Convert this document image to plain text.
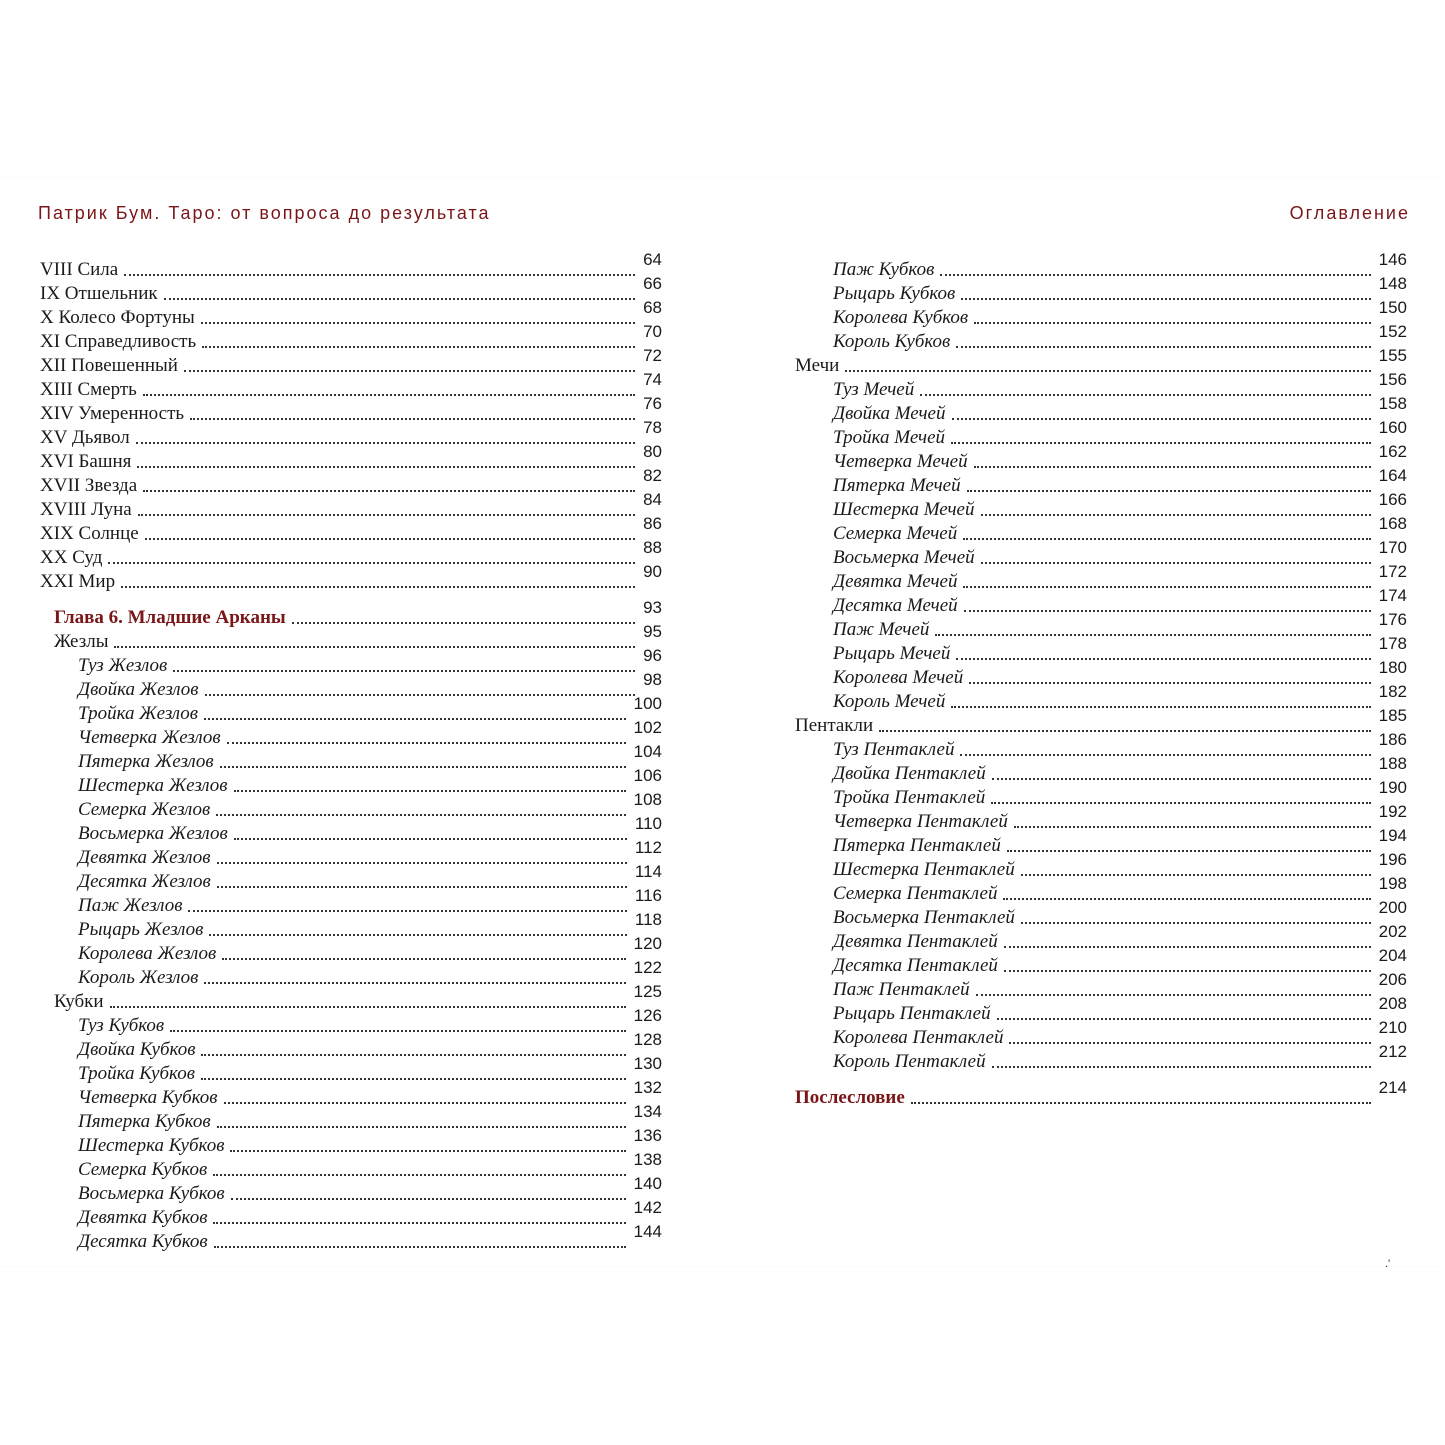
Патрик Бум. Таро: от вопроса до результата	Оглавление
VIII Сила	64
IX Отшельник	66
X Колесо Фортуны	68
XI Справедливость	70
XII Повешенный	72
XIII Смерть	74
XIV Умеренность	76
XV Дьявол	78
XVI Башня	80
XVII Звезда	82
XVIII Луна	84
XIX Солнце	86
XX Суд	88
XXI Мир	90
Глава 6. Младшие Арканы	93
Жезлы	95
Туз Жезлов	96
Двойка Жезлов	98
Тройка Жезлов	100
Четверка Жезлов	102
Пятерка Жезлов	104
Шестерка Жезлов	106
Семерка Жезлов	108
Восьмерка Жезлов	110
Девятка Жезлов	112
Десятка Жезлов	114
Паж Жезлов	116
Рыцарь Жезлов	118
Королева Жезлов	120
Король Жезлов	122
Кубки	125
Туз Кубков	126
Двойка Кубков	128
Тройка Кубков	130
Четверка Кубков	132
Пятерка Кубков	134
Шестерка Кубков	136
Семерка Кубков	138
Восьмерка Кубков	140
Девятка Кубков	142
Десятка Кубков	144
Паж Кубков	146
Рыцарь Кубков	148
Королева Кубков	150
Король Кубков	152
Мечи	155
Туз Мечей	156
Двойка Мечей	158
Тройка Мечей	160
Четверка Мечей	162
Пятерка Мечей	164
Шестерка Мечей	166
Семерка Мечей	168
Восьмерка Мечей	170
Девятка Мечей	172
Десятка Мечей	174
Паж Мечей	176
Рыцарь Мечей	178
Королева Мечей	180
Король Мечей	182
Пентакли	185
Туз Пентаклей	186
Двойка Пентаклей	188
Тройка Пентаклей	190
Четверка Пентаклей	192
Пятерка Пентаклей	194
Шестерка Пентаклей	196
Семерка Пентаклей	198
Восьмерка Пентаклей	200
Девятка Пентаклей	202
Десятка Пентаклей	204
Паж Пентаклей	206
Рыцарь Пентаклей	208
Королева Пентаклей	210
Король Пентаклей	212
Послесловие	214
.'
